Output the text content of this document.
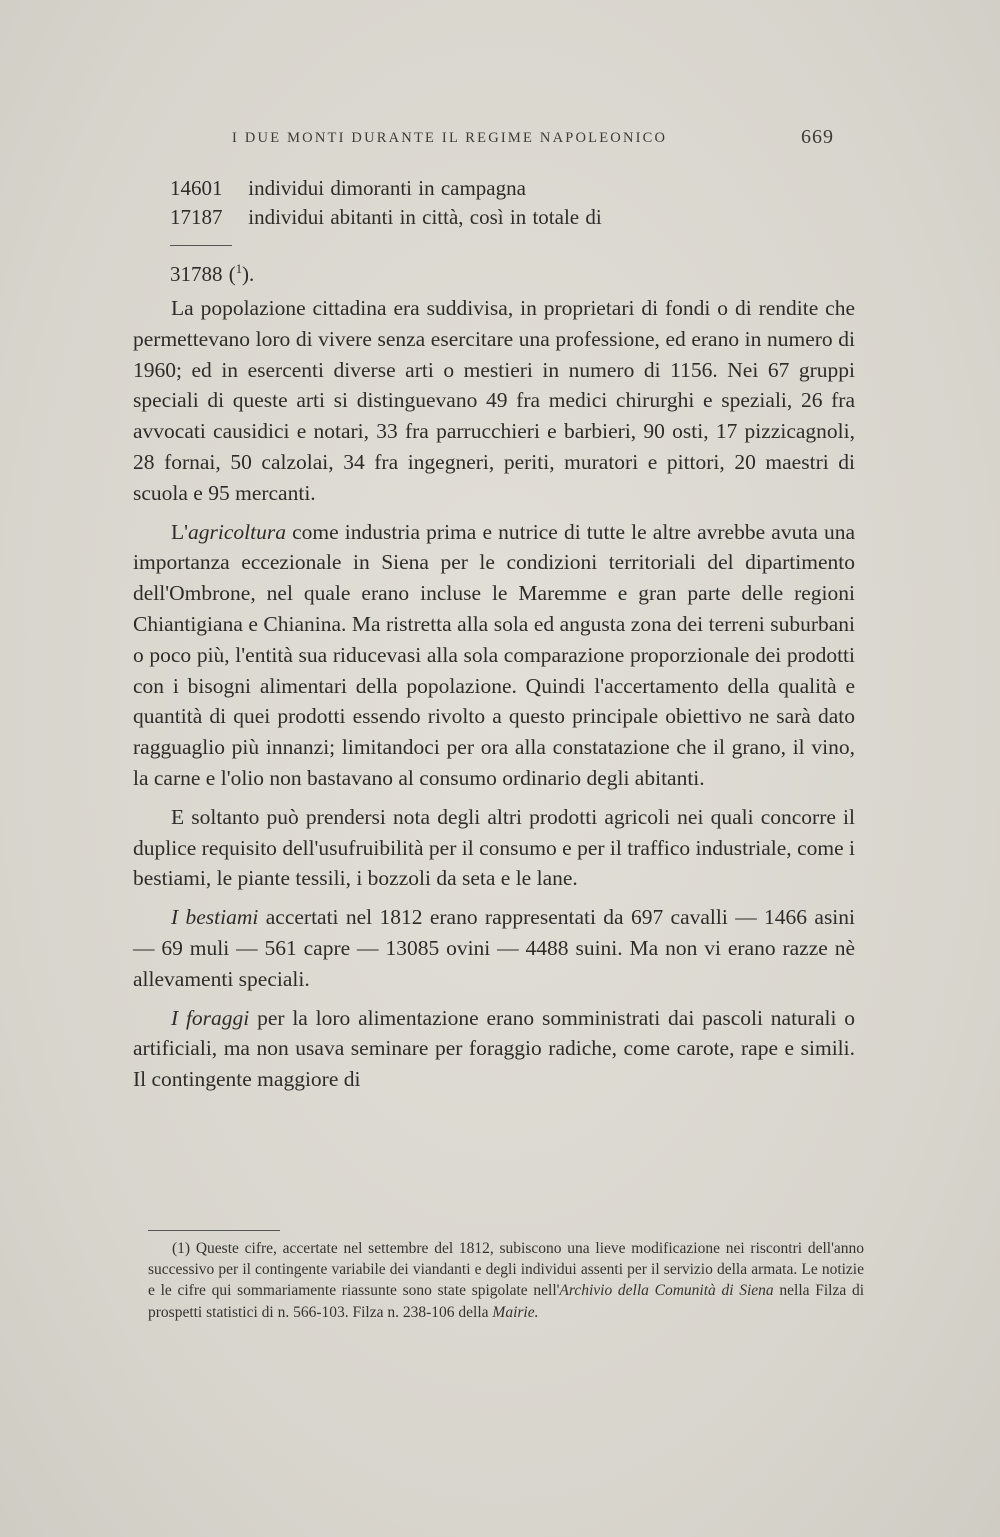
I DUE MONTI DURANTE IL REGIME NAPOLEONICO	669
14601 individui dimoranti in campagna
17187 individui abitanti in città, così in totale di
31788 ($^1$).

La popolazione cittadina era suddivisa, in proprietari di fondi o di rendite che permettevano loro di vivere senza esercitare una professione, ed erano in numero di 1960; ed in esercenti diverse arti o mestieri in numero di 1156. Nei 67 gruppi speciali di queste arti si distinguevano 49 fra medici chirurghi e speziali, 26 fra avvocati causidici e notari, 33 fra parrucchieri e barbieri, 90 osti, 17 pizzicagnoli, 28 fornai, 50 calzolai, 34 fra ingegneri, periti, muratori e pittori, 20 maestri di scuola e 95 mercanti.

L'agricoltura come industria prima e nutrice di tutte le altre avrebbe avuta una importanza eccezionale in Siena per le condizioni territoriali del dipartimento dell'Ombrone, nel quale erano incluse le Maremme e gran parte delle regioni Chiantigiana e Chianina. Ma ristretta alla sola ed angusta zona dei terreni suburbani o poco più, l'entità sua riducevasi alla sola comparazione proporzionale dei prodotti con i bisogni alimentari della popolazione. Quindi l'accertamento della qualità e quantità di quei prodotti essendo rivolto a questo principale obiettivo ne sarà dato ragguaglio più innanzi; limitandoci per ora alla constatazione che il grano, il vino, la carne e l'olio non bastavano al consumo ordinario degli abitanti.

E soltanto può prendersi nota degli altri prodotti agricoli nei quali concorre il duplice requisito dell'usufruibilità per il consumo e per il traffico industriale, come i bestiami, le piante tessili, i bozzoli da seta e le lane.

I bestiami accertati nel 1812 erano rappresentati da 697 cavalli — 1466 asini — 69 muli — 561 capre — 13085 ovini — 4488 suini. Ma non vi erano razze nè allevamenti speciali.

I foraggi per la loro alimentazione erano somministrati dai pascoli naturali o artificiali, ma non usava seminare per foraggio radiche, come carote, rape e simili. Il contingente maggiore di

(1) Queste cifre, accertate nel settembre del 1812, subiscono una lieve modificazione nei riscontri dell'anno successivo per il contingente variabile dei viandanti e degli individui assenti per il servizio della armata. Le notizie e le cifre qui sommariamente riassunte sono state spigolate nell'Archivio della Comunità di Siena nella Filza di prospetti statistici di n. 566-103. Filza n. 238-106 della Mairie.
